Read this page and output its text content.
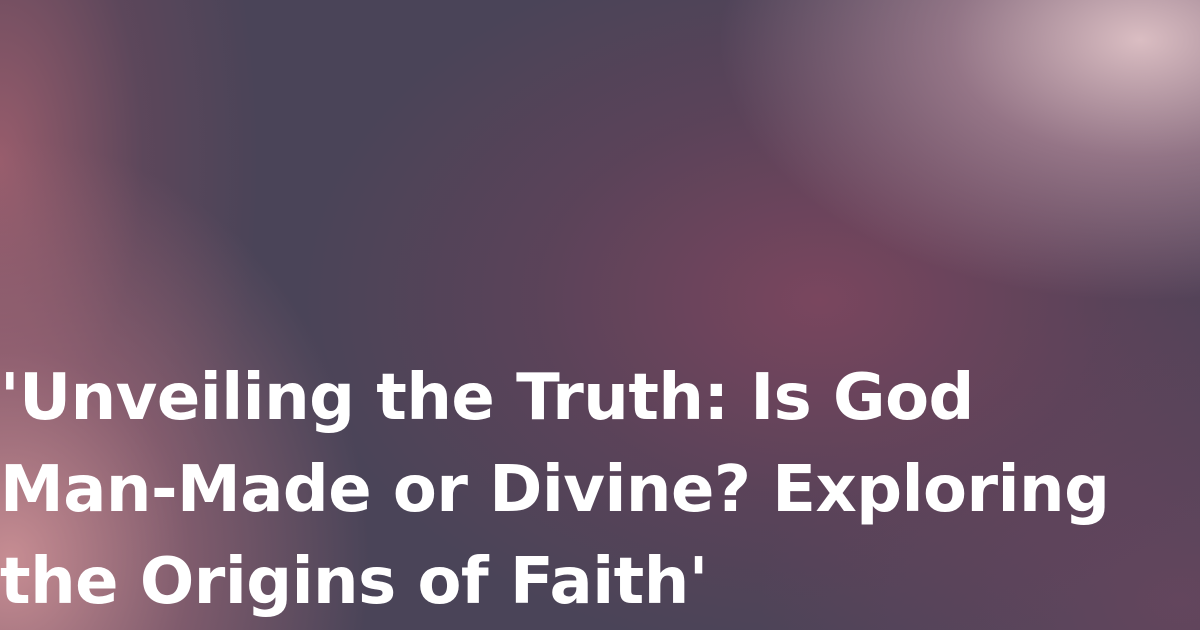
'Unveiling the Truth: Is God
Man-Made or Divine? Exploring
the Origins of Faith'
